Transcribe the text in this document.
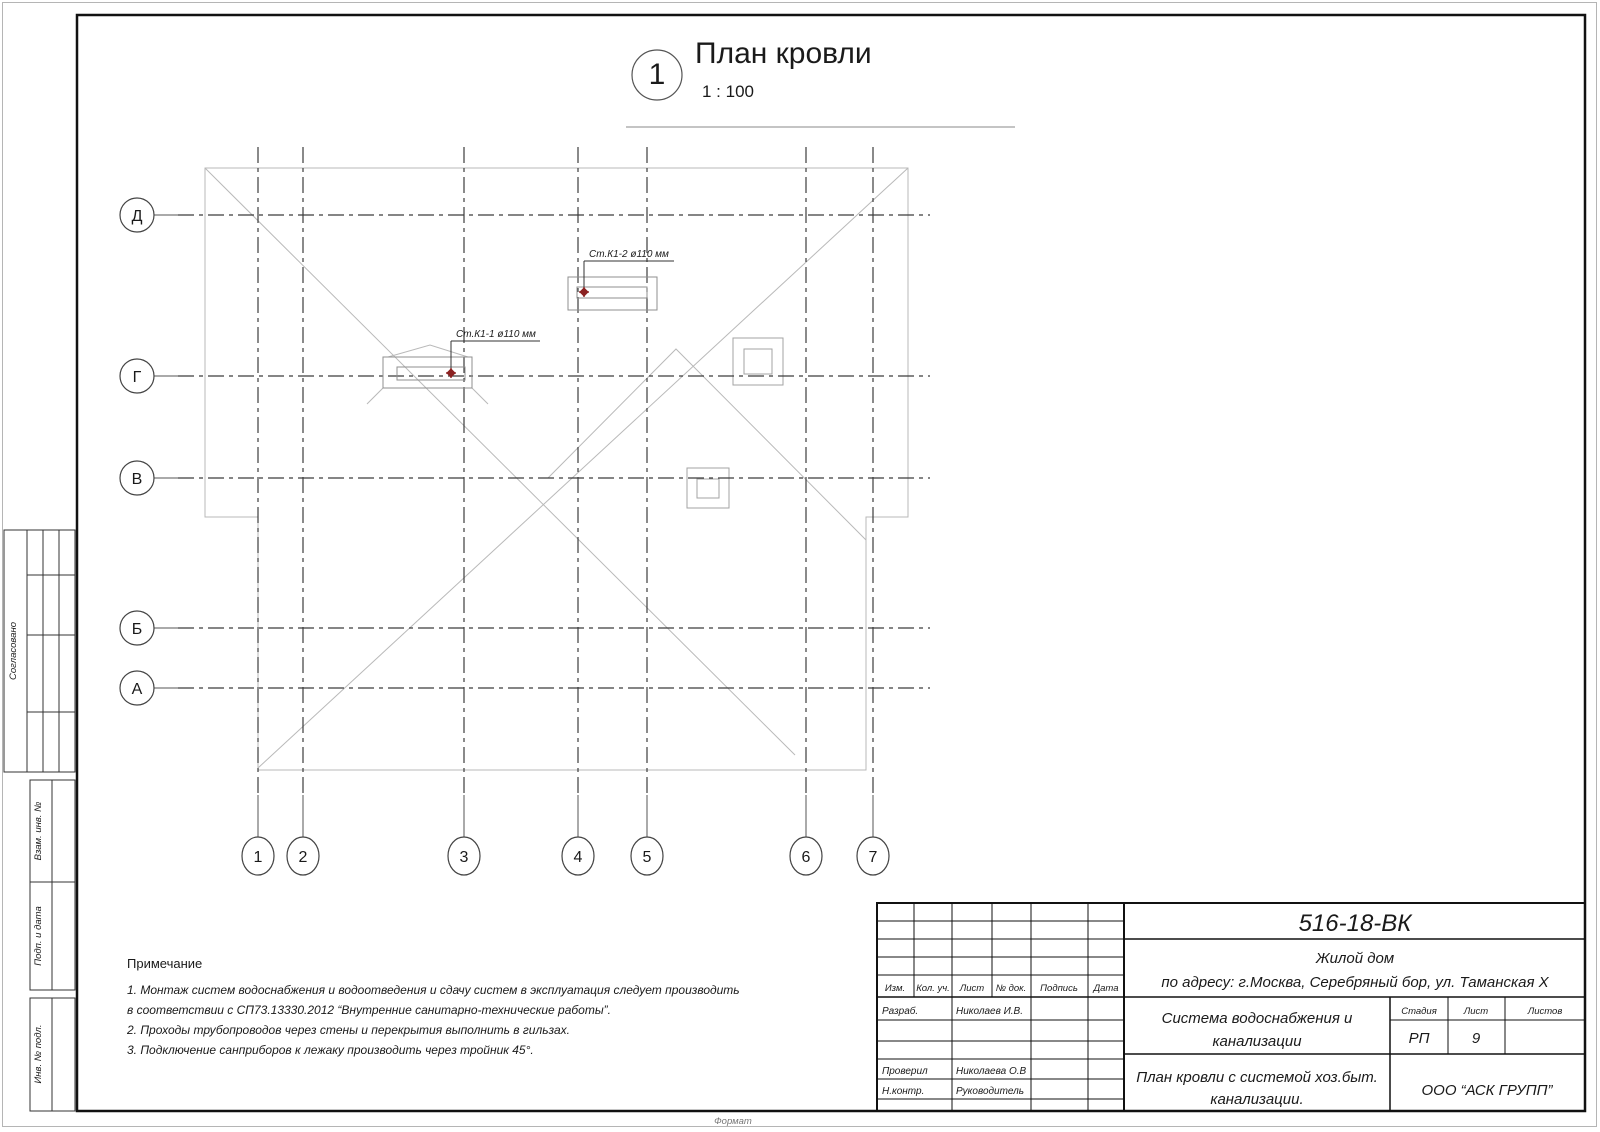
1
План кровли
1 : 100
1 2	3	4	5	6	7
Д
Г
В
Б
А
Ст.К1-1 ø110 мм
Ст.К1-2 ø110 мм
Примечание
1. Монтаж систем водоснабжения и водоотведения и сдачу систем в эксплуатация следует производить
в соответствии с СП73.13330.2012 “Внутренние санитарно-технические работы”.
2. Проходы трубопроводов через стены и перекрытия выполнить в гильзах.
3. Подключение санприборов к лежаку производить через тройник 45°.
Согласовано
Взам. инв. №
Подп. и дата
Инв. № подл.
516-18-ВК
Жилой дом
по адресу: г.Москва, Серебряный бор, ул. Таманская Х
Изм. Кол. уч. Лист № док. Подпись Дата
Разраб.	Николаев И.В.
Проверил	Николаева О.В
Н.контр.	Руководитель
Система водоснабжения и
канализации
Стадия	Лист	Листов
РП	9
План кровли с системой хоз.быт.
канализации.
ООО “АСК ГРУПП”
Формат
